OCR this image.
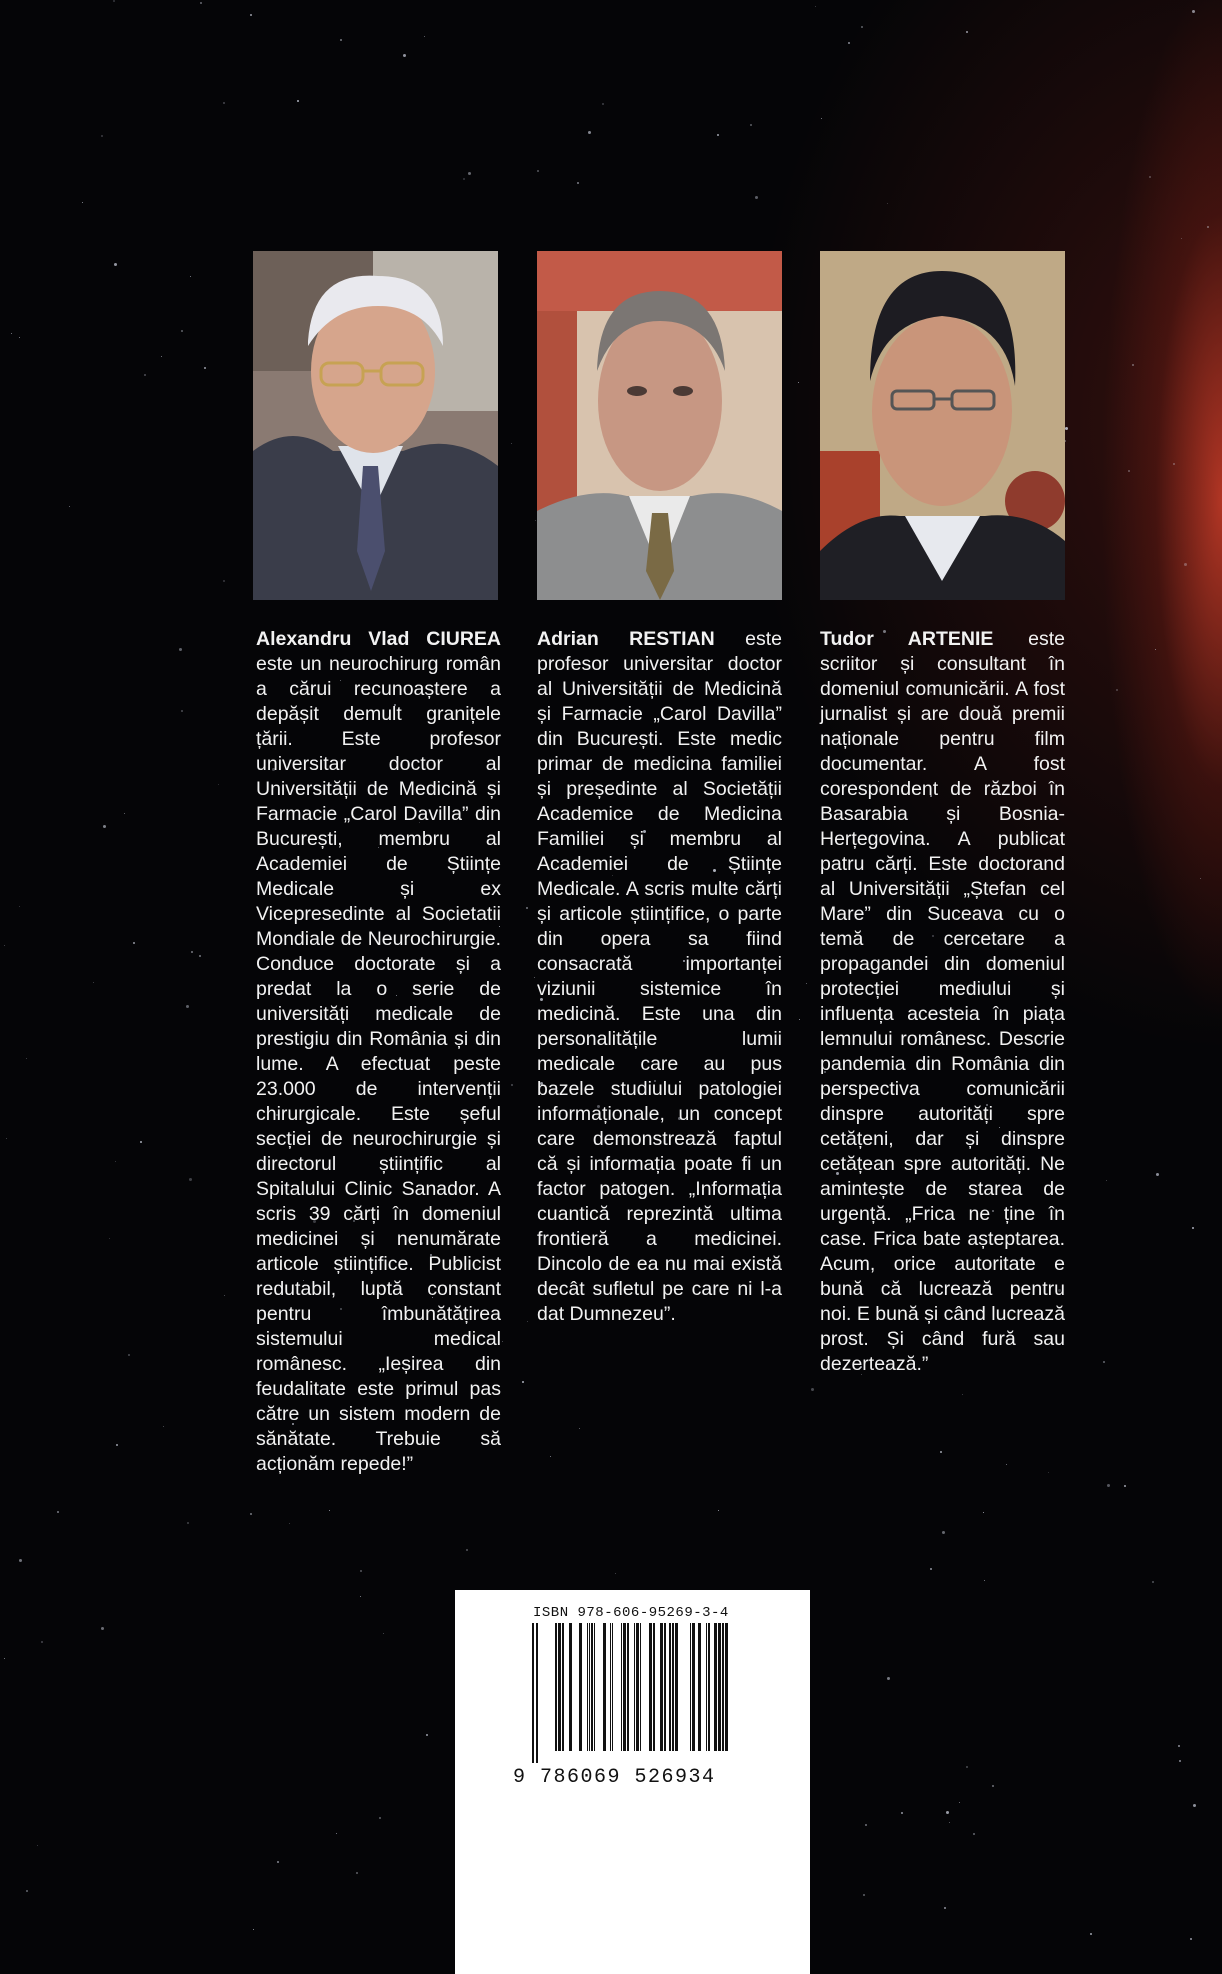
Alexandru Vlad CIUREA este un neurochirurg român a cărui recunoaștere a depășit demult granițele țării. Este profesor universitar doctor al Universității de Medicină și Farmacie „Carol Davilla” din București, membru al Academiei de Științe Medicale și ex Vicepresedinte al Societatii Mondiale de Neurochirurgie. Conduce doctorate și a predat la o serie de universități medicale de prestigiu din România și din lume. A efectuat peste 23.000 de intervenții chirurgicale. Este șeful secției de neurochirurgie și directorul științific al Spitalului Clinic Sanador. A scris 39 cărți în domeniul medicinei și nenumărate articole științifice. Publicist redutabil, luptă constant pentru îmbunătățirea sistemului medical românesc. „Ieșirea din feudalitate este primul pas către un sistem modern de sănătate. Trebuie să acționăm repede!”
Adrian RESTIAN este profesor universitar doctor al Universității de Medicină și Farmacie „Carol Davilla” din București. Este medic primar de medicina familiei și președinte al Societății Academice de Medicina Familiei și membru al Academiei de Științe Medicale. A scris multe cărți și articole științifice, o parte din opera sa fiind consacrată importanței viziunii sistemice în medicină. Este una din personalitățile lumii medicale care au pus bazele studiului patologiei informaționale, un concept care demonstrează faptul că și informația poate fi un factor patogen. „Informația cuantică reprezintă ultima frontieră a medicinei. Dincolo de ea nu mai există decât sufletul pe care ni l-a dat Dumnezeu”.
Tudor ARTENIE este scriitor și consultant în domeniul comunicării. A fost jurnalist și are două premii naționale pentru film documentar. A fost corespondent de război în Basarabia și Bosnia-Herțegovina. A publicat patru cărți. Este doctorand al Universității „Ștefan cel Mare” din Suceava cu o temă de cercetare a propagandei din domeniul protecției mediului și influența acesteia în piața lemnului românesc. Descrie pandemia din România din perspectiva comunicării dinspre autorități spre cetățeni, dar și dinspre cetățean spre autorități. Ne amintește de starea de urgență. „Frica ne ține în case. Frica bate așteptarea. Acum, orice autoritate e bună că lucrează pentru noi. E bună și când lucrează prost. Și când fură sau dezertează.”
ISBN 978-606-95269-3-4
9 786069 526934
